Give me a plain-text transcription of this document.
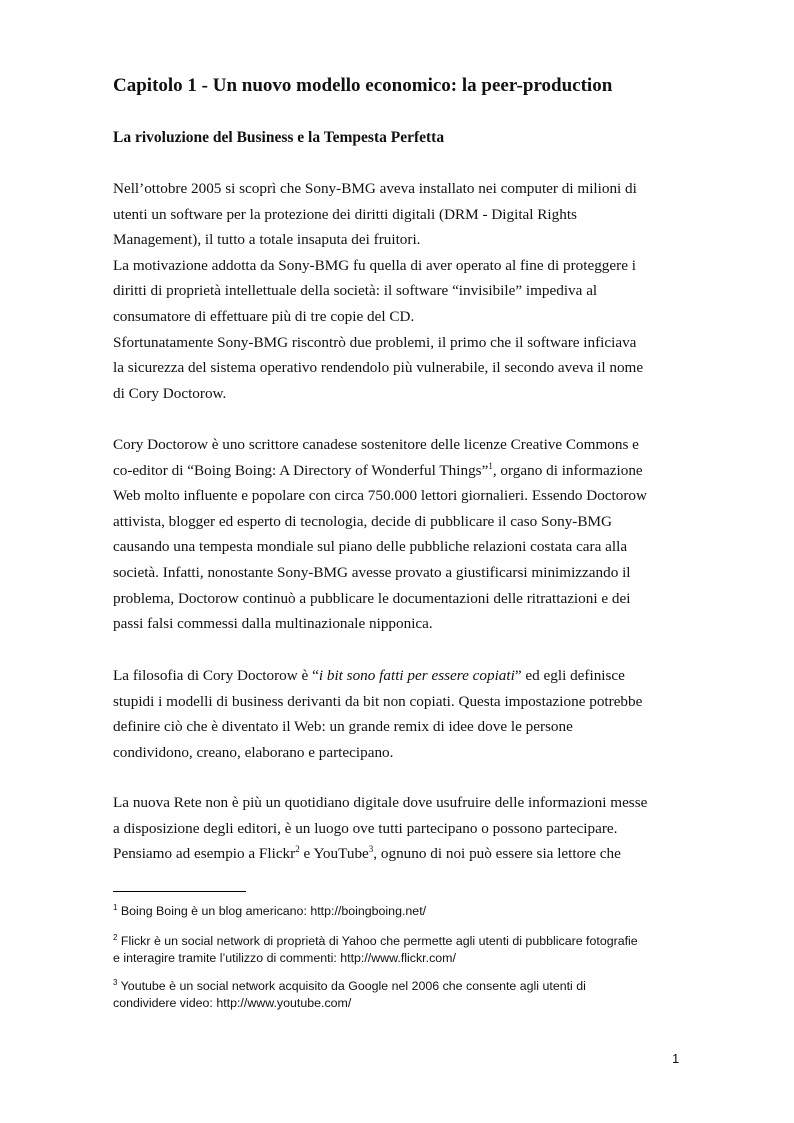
Capitolo 1 - Un nuovo modello economico: la peer-production
La rivoluzione del Business e la Tempesta Perfetta

Nell’ottobre 2005 si scoprì che Sony-BMG aveva installato nei computer di milioni di
utenti un software per la protezione dei diritti digitali (DRM - Digital Rights
Management), il tutto a totale insaputa dei fruitori.
La motivazione addotta da Sony-BMG fu quella di aver operato al fine di proteggere i
diritti di proprietà intellettuale della società: il software “invisibile” impediva al
consumatore di effettuare più di tre copie del CD.
Sfortunatamente Sony-BMG riscontrò due problemi, il primo che il software inficiava
la sicurezza del sistema operativo rendendolo più vulnerabile, il secondo aveva il nome
di Cory Doctorow.

Cory Doctorow è uno scrittore canadese sostenitore delle licenze Creative Commons e
co-editor di “Boing Boing: A Directory of Wonderful Things”$^1$, organo di informazione
Web molto influente e popolare con circa 750.000 lettori giornalieri. Essendo Doctorow
attivista, blogger ed esperto di tecnologia, decide di pubblicare il caso Sony-BMG
causando una tempesta mondiale sul piano delle pubbliche relazioni costata cara alla
società. Infatti, nonostante Sony-BMG avesse provato a giustificarsi minimizzando il
problema, Doctorow continuò a pubblicare le documentazioni delle ritrattazioni e dei
passi falsi commessi dalla multinazionale nipponica.

La filosofia di Cory Doctorow è “i bit sono fatti per essere copiati” ed egli definisce
stupidi i modelli di business derivanti da bit non copiati. Questa impostazione potrebbe
definire ciò che è diventato il Web: un grande remix di idee dove le persone
condividono, creano, elaborano e partecipano.

La nuova Rete non è più un quotidiano digitale dove usufruire delle informazioni messe
a disposizione degli editori, è un luogo ove tutti partecipano o possono partecipare.
Pensiamo ad esempio a Flickr$^2$ e YouTube$^3$, ognuno di noi può essere sia lettore che

$^1$ Boing Boing è un blog americano: http://boingboing.net/
$^2$ Flickr è un social network di proprietà di Yahoo che permette agli utenti di pubblicare fotografie
e interagire tramite l’utilizzo di commenti: http://www.flickr.com/
$^3$ Youtube è un social network acquisito da Google nel 2006 che consente agli utenti di
condividere video: http://www.youtube.com/
1
